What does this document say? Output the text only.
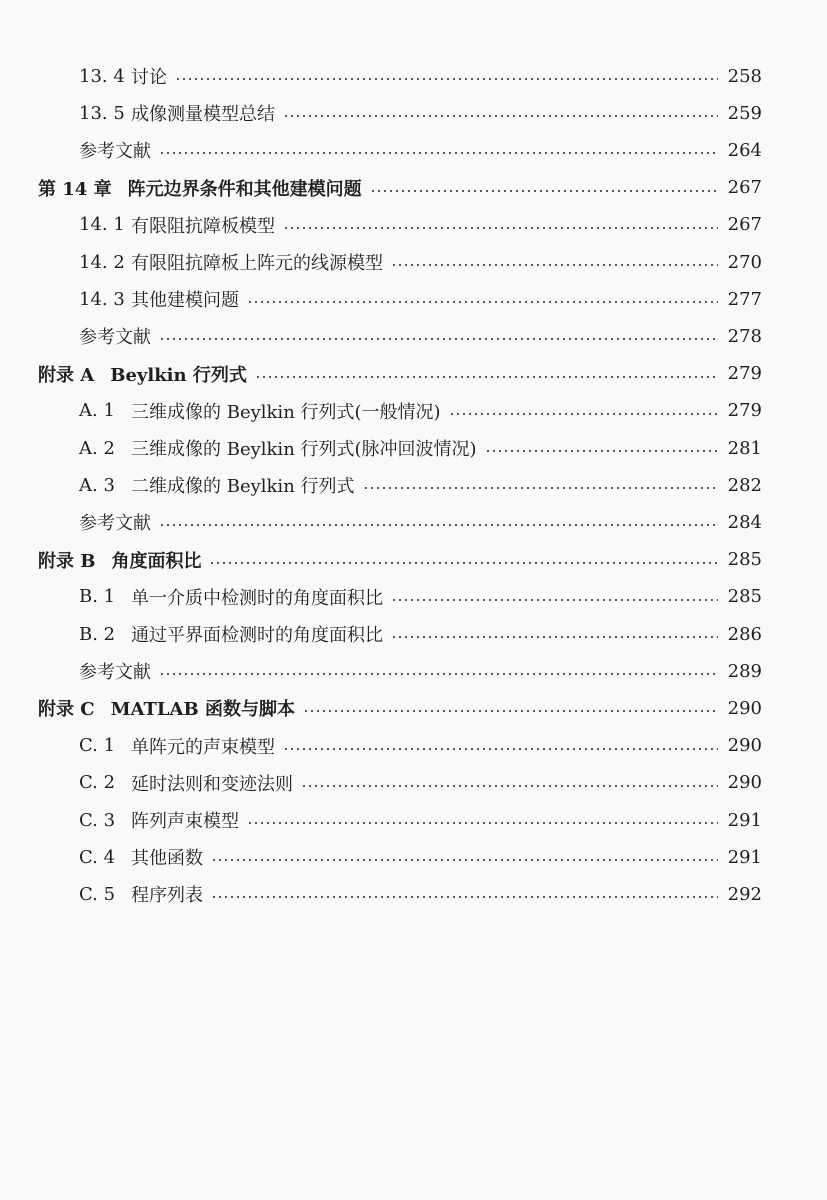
13. 4 讨论	258
13. 5 成像测量模型总结	259
参考文献	264
第 14 章 阵元边界条件和其他建模问题	267
14. 1 有限阻抗障板模型	267
14. 2 有限阻抗障板上阵元的线源模型	270
14. 3 其他建模问题	277
参考文献	278
附录 A Beylkin 行列式	279
A. 1 三维成像的 Beylkin 行列式(一般情况)	279
A. 2 三维成像的 Beylkin 行列式(脉冲回波情况)	281
A. 3 二维成像的 Beylkin 行列式	282
参考文献	284
附录 B 角度面积比	285
B. 1 单一介质中检测时的角度面积比	285
B. 2 通过平界面检测时的角度面积比	286
参考文献	289
附录 C MATLAB 函数与脚本	290
C. 1 单阵元的声束模型	290
C. 2 延时法则和变迹法则	290
C. 3 阵列声束模型	291
C. 4 其他函数	291
C. 5 程序列表	292
